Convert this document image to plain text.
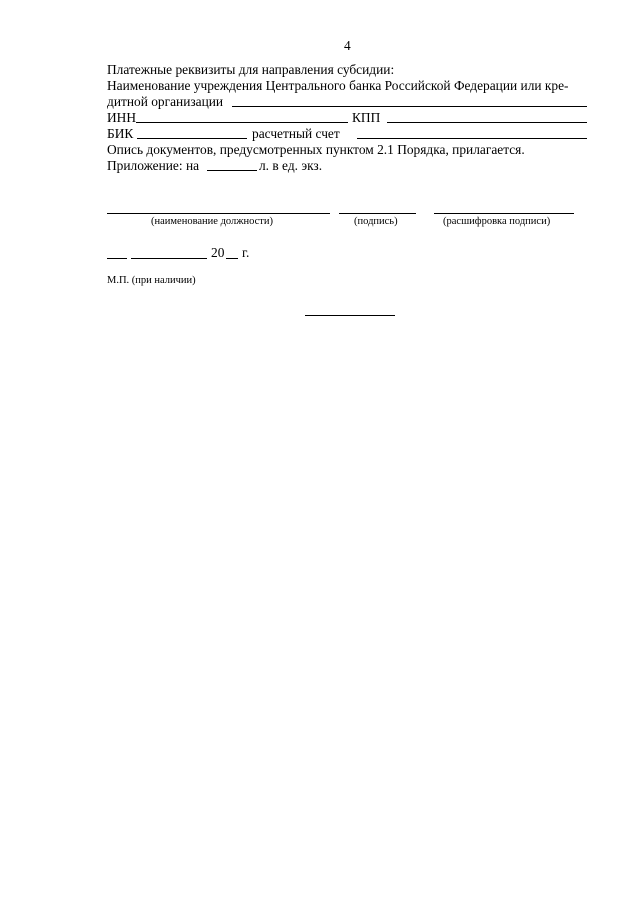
4
Платежные реквизиты для направления субсидии:
Наименование учреждения Центрального банка Российской Федерации или кре-
дитной организации
ИНН	КПП
БИК	расчетный счет
Опись документов, предусмотренных пунктом 2.1 Порядка, прилагается.
Приложение: на	л. в ед. экз.
(наименование должности)	(подпись)	(расшифровка подписи)
20 г.
М.П. (при наличии)
